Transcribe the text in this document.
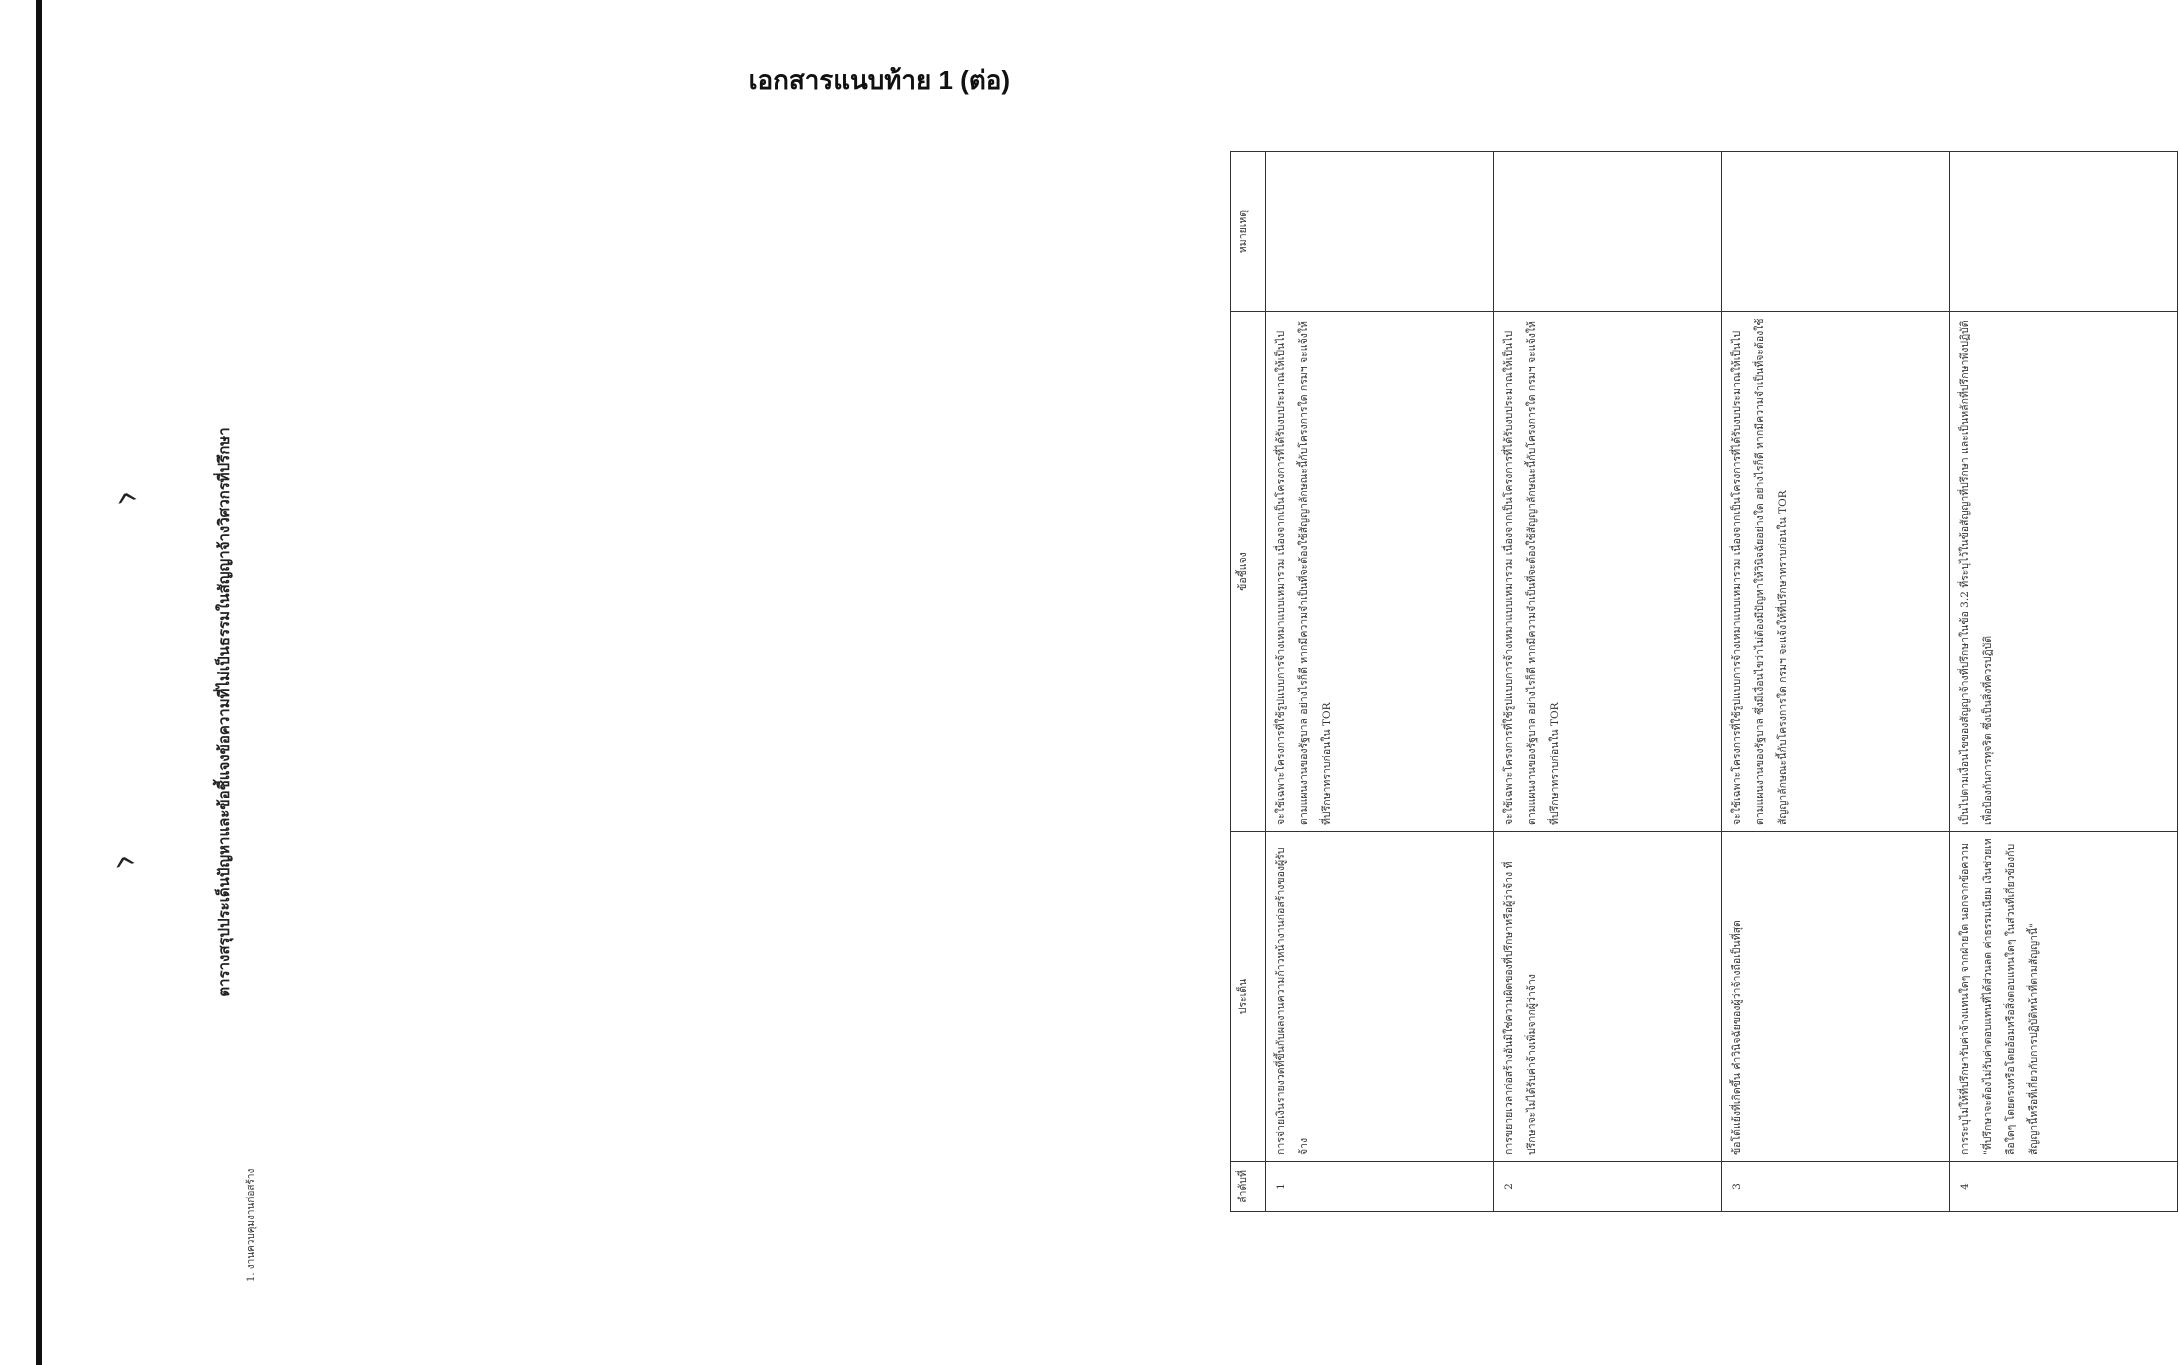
เอกสารแนบท้าย 1 (ต่อ)
^
^	ตารางสรุปประเด็นปัญหาและข้อชี้แจงข้อความที่ไม่เป็นธรรมในสัญญาจ้างวิศวกรที่ปรึกษา
1. งานควบคุมงานก่อสร้าง	ลำดับที่	ประเด็น	ข้อชี้แจง	หมายเหตุ
1	การจ่ายเงินรายงวดที่ขึ้นกับผลงานความก้าวหน้างานก่อสร้างของผู้รับจ้าง	จะใช้เฉพาะโครงการที่ใช้รูปแบบการจ้างเหมาแบบเหมารวม เนื่องจากเป็นโครงการที่ได้รับงบประมาณให้เป็นไปตามแผนงานของรัฐบาล อย่างไรก็ดี หากมีความจำเป็นที่จะต้องใช้สัญญาลักษณะนี้กับโครงการใด กรมฯ จะแจ้งให้ที่ปรึกษาทราบก่อนใน TOR	
2	การขยายเวลาก่อสร้างอันมิใช่ความผิดของที่ปรึกษาหรือผู้ว่าจ้าง ที่ปรึกษาจะไม่ได้รับค่าจ้างเพิ่มจากผู้ว่าจ้าง	จะใช้เฉพาะโครงการที่ใช้รูปแบบการจ้างเหมาแบบเหมารวม เนื่องจากเป็นโครงการที่ได้รับงบประมาณให้เป็นไปตามแผนงานของรัฐบาล อย่างไรก็ดี หากมีความจำเป็นที่จะต้องใช้สัญญาลักษณะนี้กับโครงการใด กรมฯ จะแจ้งให้ที่ปรึกษาทราบก่อนใน TOR	
3	ข้อโต้แย้งที่เกิดขึ้น คำวินิจฉัยของผู้ว่าจ้างถือเป็นที่สุด	จะใช้เฉพาะโครงการที่ใช้รูปแบบการจ้างเหมาแบบเหมารวม เนื่องจากเป็นโครงการที่ได้รับงบประมาณให้เป็นไปตามแผนงานของรัฐบาล ซึ่งมีเงื่อนไขว่าไม่ต้องมีปัญหาให้วินิจฉัยอย่างใด อย่างไรก็ดี หากมีความจำเป็นที่จะต้องใช้สัญญาลักษณะนี้กับโครงการใด กรมฯ จะแจ้งให้ที่ปรึกษาทราบก่อนใน TOR	
4	การระบุไม่ให้ที่ปรึกษารับค่าจ้างแทนใดๆ จากฝ่ายใด นอกจากข้อความ "ที่ปรึกษาจะต้องไม่รับค่าตอบแทนที่ได้ส่วนลด ค่าธรรมเนียม เงินช่วยเหลือใดๆ โดยตรงหรือโดยอ้อมหรือสิ่งตอบแทนใดๆ ในส่วนที่เกี่ยวข้องกับสัญญานี้หรือที่เกี่ยวกับการปฏิบัติหน้าที่ตามสัญญานี้"	เป็นไปตามเงื่อนไขของสัญญาจ้างที่ปรึกษาในข้อ 3.2 ที่ระบุไว้ในข้อสัญญาที่ปรึกษา และเป็นหลักที่ปรึกษาพึงปฏิบัติ เพื่อป้องกันการทุจริต ซึ่งเป็นสิ่งที่ควรปฏิบัติ	
